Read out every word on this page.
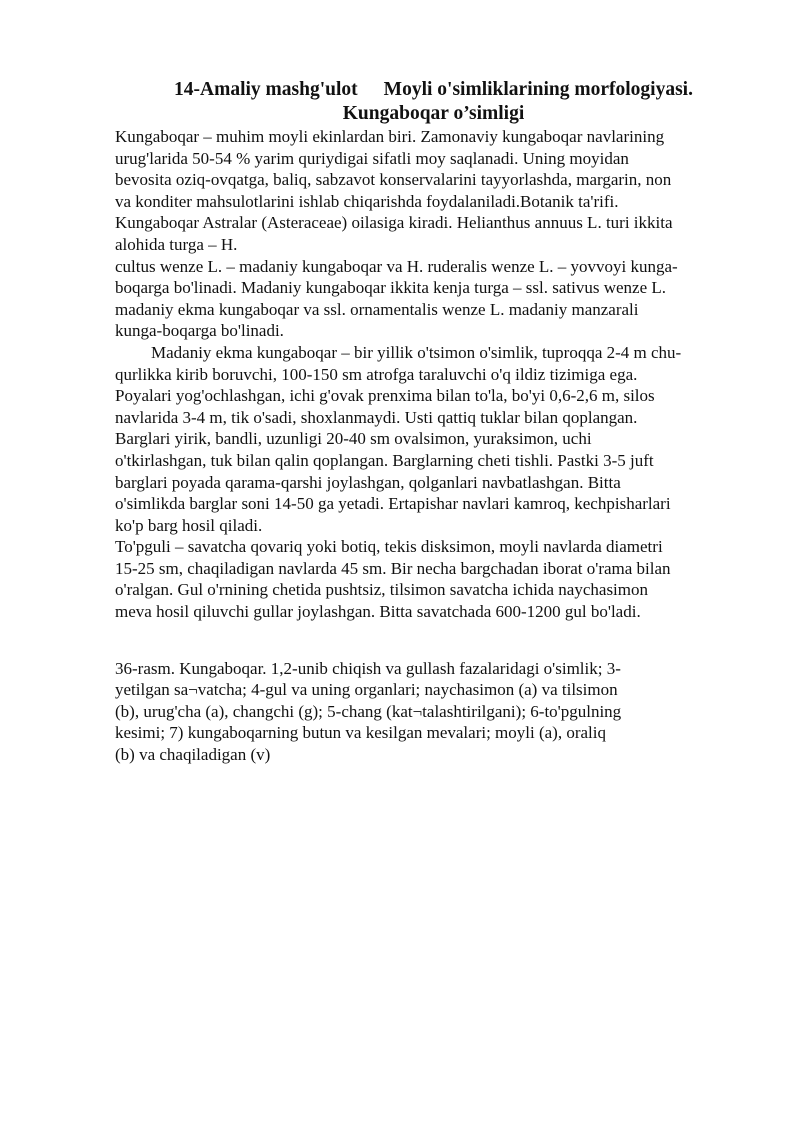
14-Amaliy mashg'ulot Moyli o'simliklarining morfologiyasi.
Kungaboqar o’simligi
Kungaboqar – muhim moyli ekinlardan biri. Zamonaviy kungaboqar navlarining
urug'larida 50-54 % yarim quriydigai sifatli moy saqlanadi. Uning moyidan
bevosita oziq-ovqatga, baliq, sabzavot konservalarini tayyorlashda, margarin, non
va konditer mahsulotlarini ishlab chiqarishda foydalaniladi.Botanik ta'rifi.
Kungaboqar Astralar (Asteraceae) oilasiga kiradi. Helianthus annuus L. turi ikkita
alohida turga – H.
cultus wenze L. – madaniy kungaboqar va H. ruderalis wenze L. – yovvoyi kunga-
boqarga bo'linadi. Madaniy kungaboqar ikkita kenja turga – ssl. sativus wenze L.
madaniy ekma kungaboqar va ssl. ornamentalis wenze L. madaniy manzarali
kunga-boqarga bo'linadi.
Madaniy ekma kungaboqar – bir yillik o'tsimon o'simlik, tuproqqa 2-4 m chu-
qurlikka kirib boruvchi, 100-150 sm atrofga taraluvchi o'q ildiz tizimiga ega.
Poyalari yog'ochlashgan, ichi g'ovak prenxima bilan to'la, bo'yi 0,6-2,6 m, silos
navlarida 3-4 m, tik o'sadi, shoxlanmaydi. Usti qattiq tuklar bilan qoplangan.
Barglari yirik, bandli, uzunligi 20-40 sm ovalsimon, yuraksimon, uchi
o'tkirlashgan, tuk bilan qalin qoplangan. Barglarning cheti tishli. Pastki 3-5 juft
barglari poyada qarama-qarshi joylashgan, qolganlari navbatlashgan. Bitta
o'simlikda barglar soni 14-50 ga yetadi. Ertapishar navlari kamroq, kechpisharlari
ko'p barg hosil qiladi.
To'pguli – savatcha qovariq yoki botiq, tekis disksimon, moyli navlarda diametri
15-25 sm, chaqiladigan navlarda 45 sm. Bir necha bargchadan iborat o'rama bilan
o'ralgan. Gul o'rnining chetida pushtsiz, tilsimon savatcha ichida naychasimon
meva hosil qiluvchi gullar joylashgan. Bitta savatchada 600-1200 gul bo'ladi.
36-rasm. Kungaboqar. 1,2-unib chiqish va gullash fazalaridagi o'simlik; 3-
yetilgan sa¬vatcha; 4-gul va uning organlari; naychasimon (a) va tilsimon
(b), urug'cha (a), changchi (g); 5-chang (kat¬talashtirilgani); 6-to'pgulning
kesimi; 7) kungaboqarning butun va kesilgan mevalari; moyli (a), oraliq
(b) va chaqiladigan (v)
